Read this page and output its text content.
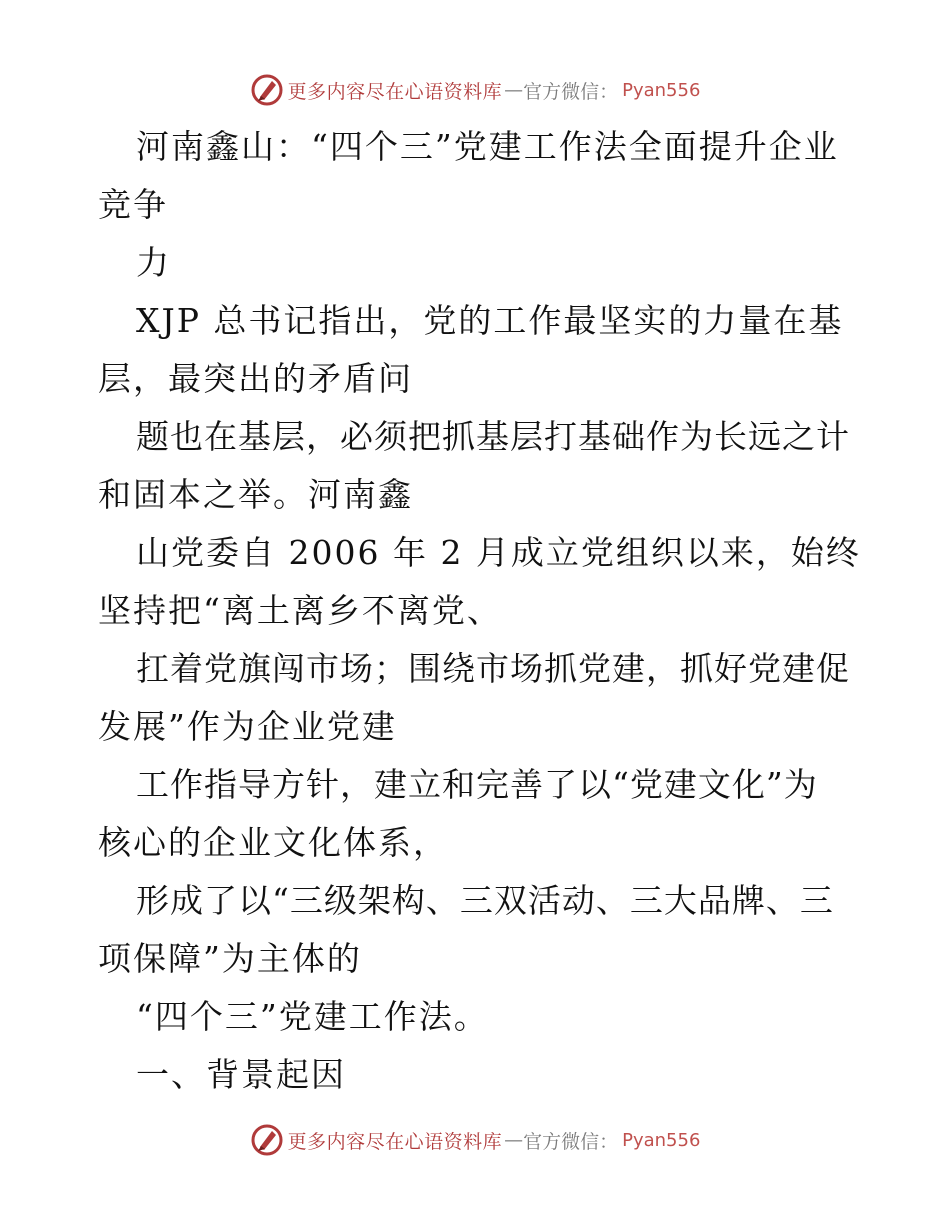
更多内容尽在心语资料库 — 官方微信： Pyan556
河南鑫山：“四个三”党建工作法全面提升企业
竞争
力
XJP 总书记指出，党的工作最坚实的力量在基
层，最突出的矛盾问
题也在基层，必须把抓基层打基础作为长远之计
和固本之举。河南鑫
山党委自 2006 年 2 月成立党组织以来，始终
坚持把“离土离乡不离党、
扛着党旗闯市场；围绕市场抓党建，抓好党建促
发展”作为企业党建
工作指导方针，建立和完善了以“党建文化”为
核心的企业文化体系，
形成了以“三级架构、三双活动、三大品牌、三
项保障”为主体的
“四个三”党建工作法。
一、背景起因
更多内容尽在心语资料库 — 官方微信： Pyan556
